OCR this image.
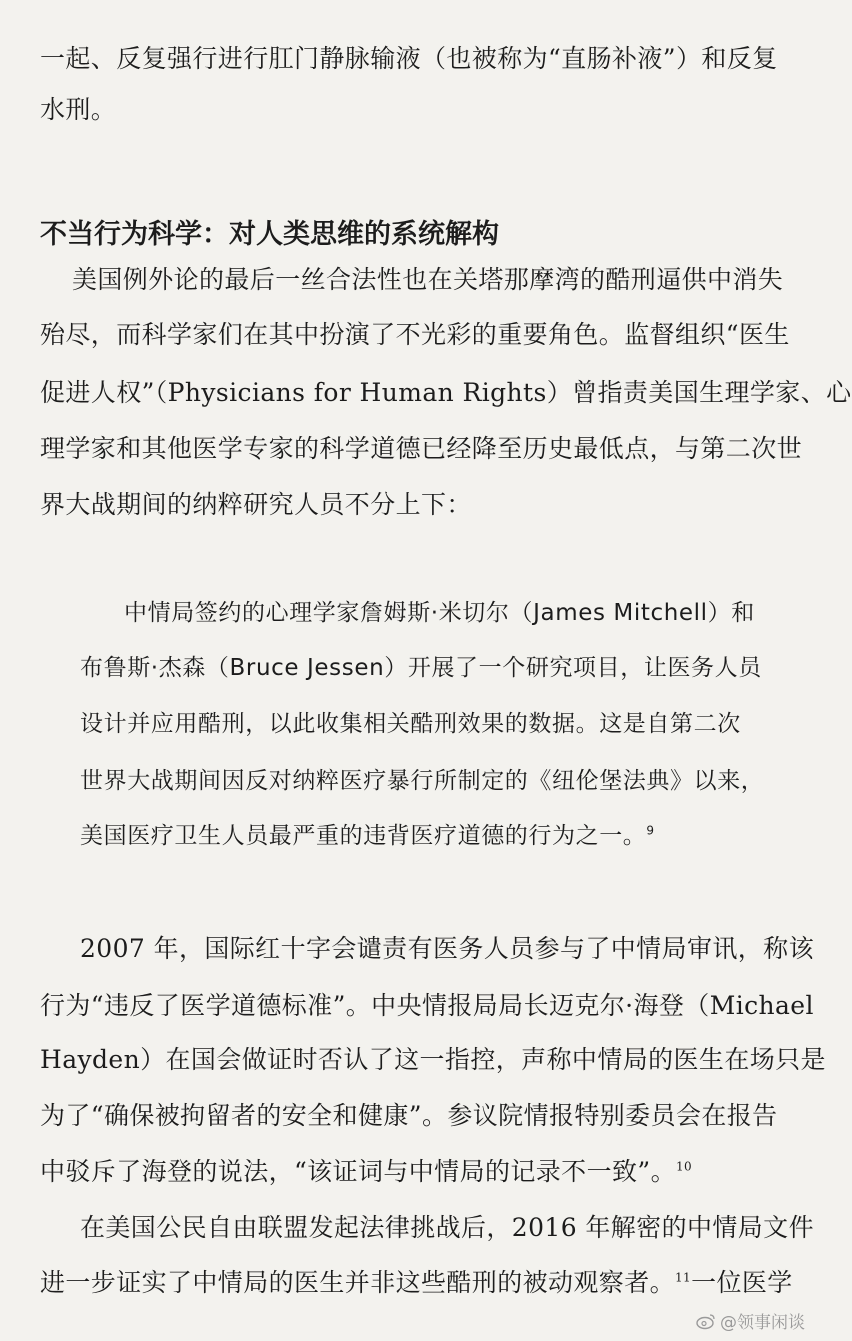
一起、反复强行进行肛门静脉输液（也被称为“直肠补液”）和反复
水刑。
不当行为科学：对人类思维的系统解构
美国例外论的最后一丝合法性也在关塔那摩湾的酷刑逼供中消失
殆尽，而科学家们在其中扮演了不光彩的重要角色。监督组织“医生
促进人权”（Physicians for Human Rights）曾指责美国生理学家、心
理学家和其他医学专家的科学道德已经降至历史最低点，与第二次世
界大战期间的纳粹研究人员不分上下：
中情局签约的心理学家詹姆斯·米切尔（James Mitchell）和
布鲁斯·杰森（Bruce Jessen）开展了一个研究项目，让医务人员
设计并应用酷刑，以此收集相关酷刑效果的数据。这是自第二次
世界大战期间因反对纳粹医疗暴行所制定的《纽伦堡法典》以来，
美国医疗卫生人员最严重的违背医疗道德的行为之一。$^9$
2007 年，国际红十字会谴责有医务人员参与了中情局审讯，称该
行为“违反了医学道德标准”。中央情报局局长迈克尔·海登（Michael
Hayden）在国会做证时否认了这一指控，声称中情局的医生在场只是
为了“确保被拘留者的安全和健康”。参议院情报特别委员会在报告
中驳斥了海登的说法，“该证词与中情局的记录不一致”。$^{10}$
在美国公民自由联盟发起法律挑战后，2016 年解密的中情局文件
进一步证实了中情局的医生并非这些酷刑的被动观察者。$^{11}$一位医学
@领事闲谈
